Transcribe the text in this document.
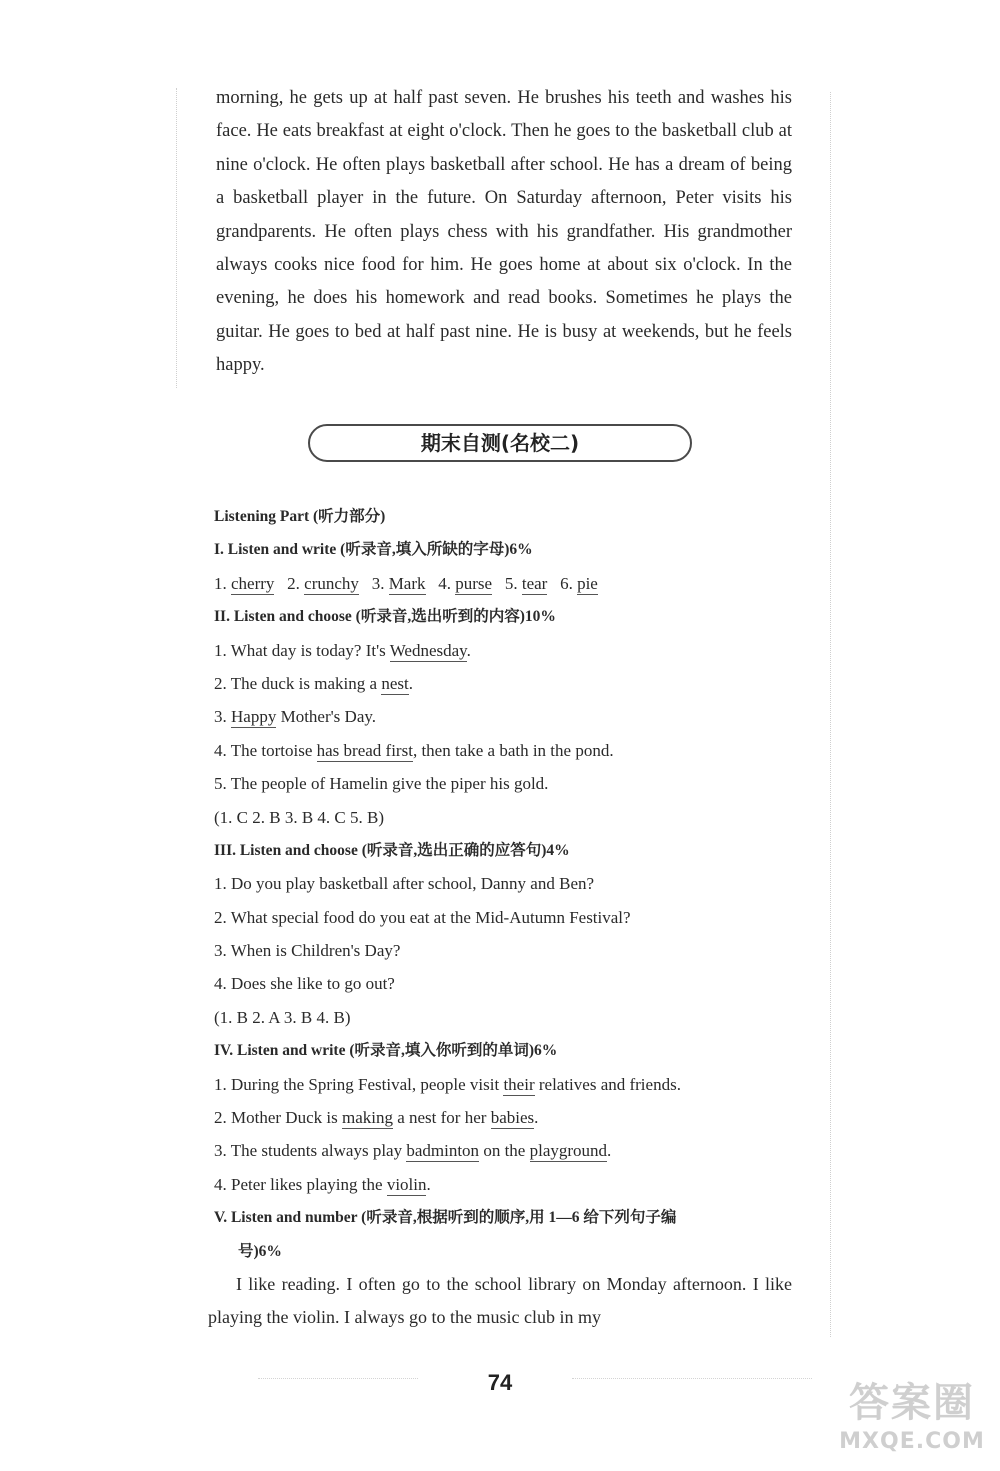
morning, he gets up at half past seven. He brushes his teeth and washes his face. He eats breakfast at eight o'clock. Then he goes to the basketball club at nine o'clock. He often plays basketball after school. He has a dream of being a basketball player in the future. On Saturday afternoon, Peter visits his grandparents. He often plays chess with his grandfather. His grandmother always cooks nice food for him. He goes home at about six o'clock. In the evening, he does his homework and read books. Sometimes he plays the guitar. He goes to bed at half past nine. He is busy at weekends, but he feels happy.

期末自测(名校二)
Listening Part (听力部分)
I. Listen and write (听录音,填入所缺的字母)6%
1. cherry 2. crunchy 3. Mark 4. purse 5. tear 6. pie
II. Listen and choose (听录音,选出听到的内容)10%
1. What day is today? It's Wednesday.
2. The duck is making a nest.
3. Happy Mother's Day.
4. The tortoise has bread first, then take a bath in the pond.
5. The people of Hamelin give the piper his gold.
(1. C 2. B 3. B 4. C 5. B)
III. Listen and choose (听录音,选出正确的应答句)4%
1. Do you play basketball after school, Danny and Ben?
2. What special food do you eat at the Mid-Autumn Festival?
3. When is Children's Day?
4. Does she like to go out?
(1. B 2. A 3. B 4. B)
IV. Listen and write (听录音,填入你听到的单词)6%
1. During the Spring Festival, people visit their relatives and friends.
2. Mother Duck is making a nest for her babies.
3. The students always play badminton on the playground.
4. Peter likes playing the violin.
V. Listen and number (听录音,根据听到的顺序,用 1—6 给下列句子编
号)6%

I like reading. I often go to the school library on Monday afternoon. I like playing the violin. I always go to the music club in my

74	答案圈
MXQE.COM
